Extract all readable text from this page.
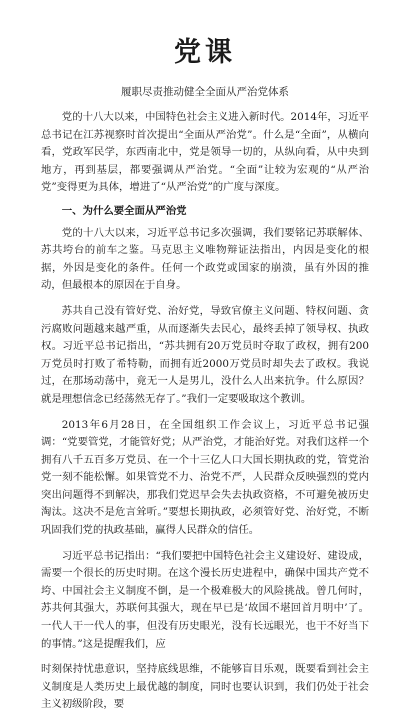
党课
履职尽责推动健全全面从严治党体系

党的十八大以来，中国特色社会主义进入新时代。2014年，习近平总书记在江苏视察时首次提出“全面从严治党”。什么是“全面”，从横向看，党政军民学，东西南北中，党是领导一切的，从纵向看，从中央到地方，再到基层，都要强调从严治党。“全面”让较为宏观的“从严治党”变得更为具体，增进了“从严治党”的广度与深度。

一、为什么要全面从严治党

党的十八大以来，习近平总书记多次强调，我们要铭记苏联解体、苏共垮台的前车之鉴。马克思主义唯物辩证法指出，内因是变化的根据，外因是变化的条件。任何一个政党或国家的崩溃，虽有外因的推动，但最根本的原因在于自身。

苏共自己没有管好党、治好党，导致官僚主义问题、特权问题、贪污腐败问题越来越严重，从而逐渐失去民心，最终丢掉了领导权、执政权。习近平总书记指出，“苏共拥有20万党员时夺取了政权，拥有200万党员时打败了希特勒，而拥有近2000万党员时却失去了政权。我说过，在那场动荡中，竟无一人是男儿，没什么人出来抗争。什么原因？就是理想信念已经荡然无存了。”我们一定要吸取这个教训。

2013年6月28日，在全国组织工作会议上，习近平总书记强调：“党要管党，才能管好党；从严治党，才能治好党。对我们这样一个拥有八千五百多万党员、在一个十三亿人口大国长期执政的党，管党治党一刻不能松懈。如果管党不力、治党不严，人民群众反映强烈的党内突出问题得不到解决，那我们党迟早会失去执政资格，不可避免被历史淘汰。这决不是危言耸听。”要想长期执政，必须管好党、治好党，不断巩固我们党的执政基础，赢得人民群众的信任。

习近平总书记指出：“我们要把中国特色社会主义建设好、建设成，需要一个很长的历史时期。在这个漫长历史进程中，确保中国共产党不垮、中国社会主义制度不倒，是一个极难极大的风险挑战。曾几何时，苏共何其强大，苏联何其强大，现在早已是‘故国不堪回首月明中’了。一代人干一代人的事，但没有历史眼光，没有长远眼光，也干不好当下的事情。”这是提醒我们，应

时刻保持忧患意识，坚持底线思维，不能够盲目乐观，既要看到社会主义制度是人类历史上最优越的制度，同时也要认识到，我们仍处于社会主义初级阶段，要
